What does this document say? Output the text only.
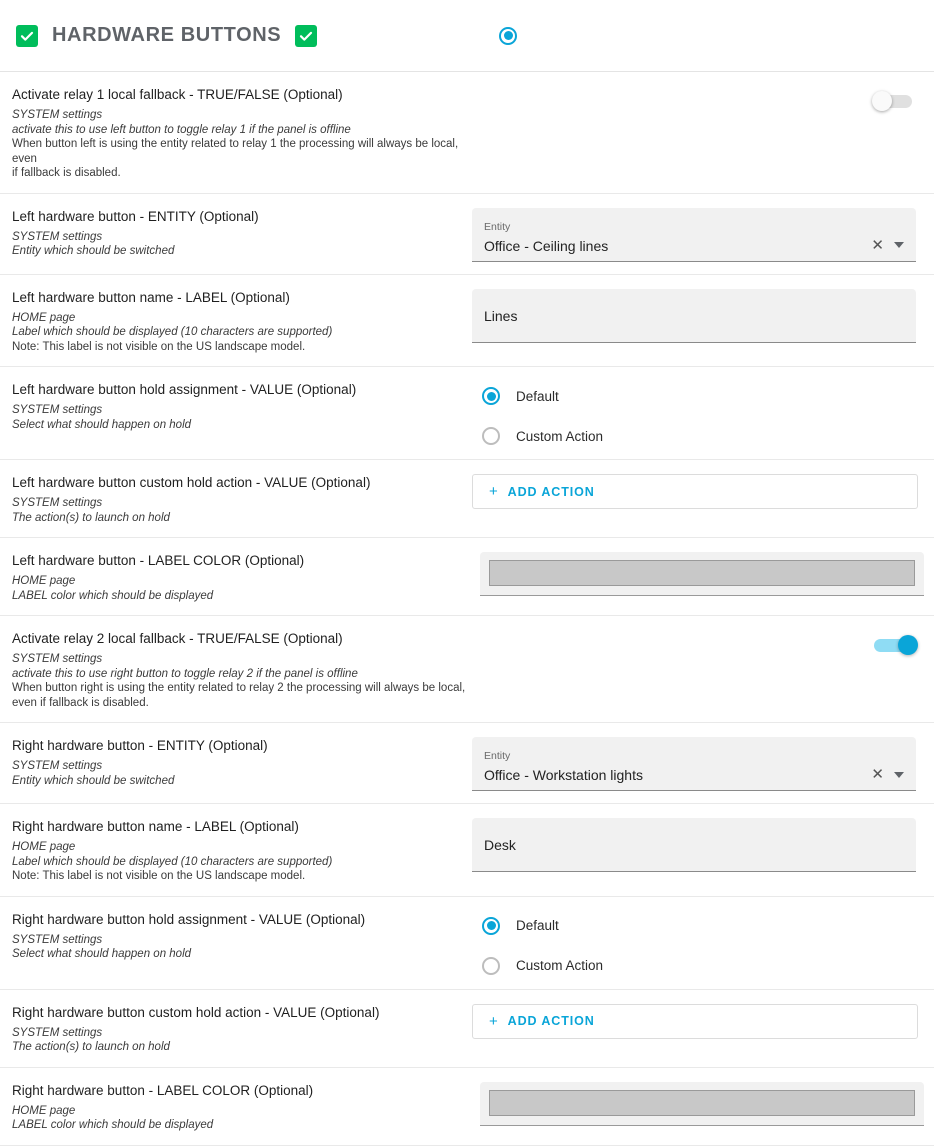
HARDWARE BUTTONS
Activate relay 1 local fallback - TRUE/FALSE (Optional)
SYSTEM settings
activate this to use left button to toggle relay 1 if the panel is offline
When button left is using the entity related to relay 1 the processing will always be local, even
if fallback is disabled.
Left hardware button - ENTITY (Optional)
SYSTEM settings
Entity which should be switched
Entity
Office - Ceiling lines	✕
Left hardware button name - LABEL (Optional)
HOME page
Label which should be displayed (10 characters are supported)
Note: This label is not visible on the US landscape model.
Lines
Left hardware button hold assignment - VALUE (Optional)
SYSTEM settings
Select what should happen on hold
Default
Custom Action
Left hardware button custom hold action - VALUE (Optional)
SYSTEM settings
The action(s) to launch on hold
+ ADD ACTION
Left hardware button - LABEL COLOR (Optional)
HOME page
LABEL color which should be displayed
Activate relay 2 local fallback - TRUE/FALSE (Optional)
SYSTEM settings
activate this to use right button to toggle relay 2 if the panel is offline
When button right is using the entity related to relay 2 the processing will always be local,
even if fallback is disabled.
Right hardware button - ENTITY (Optional)
SYSTEM settings
Entity which should be switched
Entity
Office - Workstation lights	✕
Right hardware button name - LABEL (Optional)
HOME page
Label which should be displayed (10 characters are supported)
Note: This label is not visible on the US landscape model.
Desk
Right hardware button hold assignment - VALUE (Optional)
SYSTEM settings
Select what should happen on hold
Default
Custom Action
Right hardware button custom hold action - VALUE (Optional)
SYSTEM settings
The action(s) to launch on hold
+ ADD ACTION
Right hardware button - LABEL COLOR (Optional)
HOME page
LABEL color which should be displayed
